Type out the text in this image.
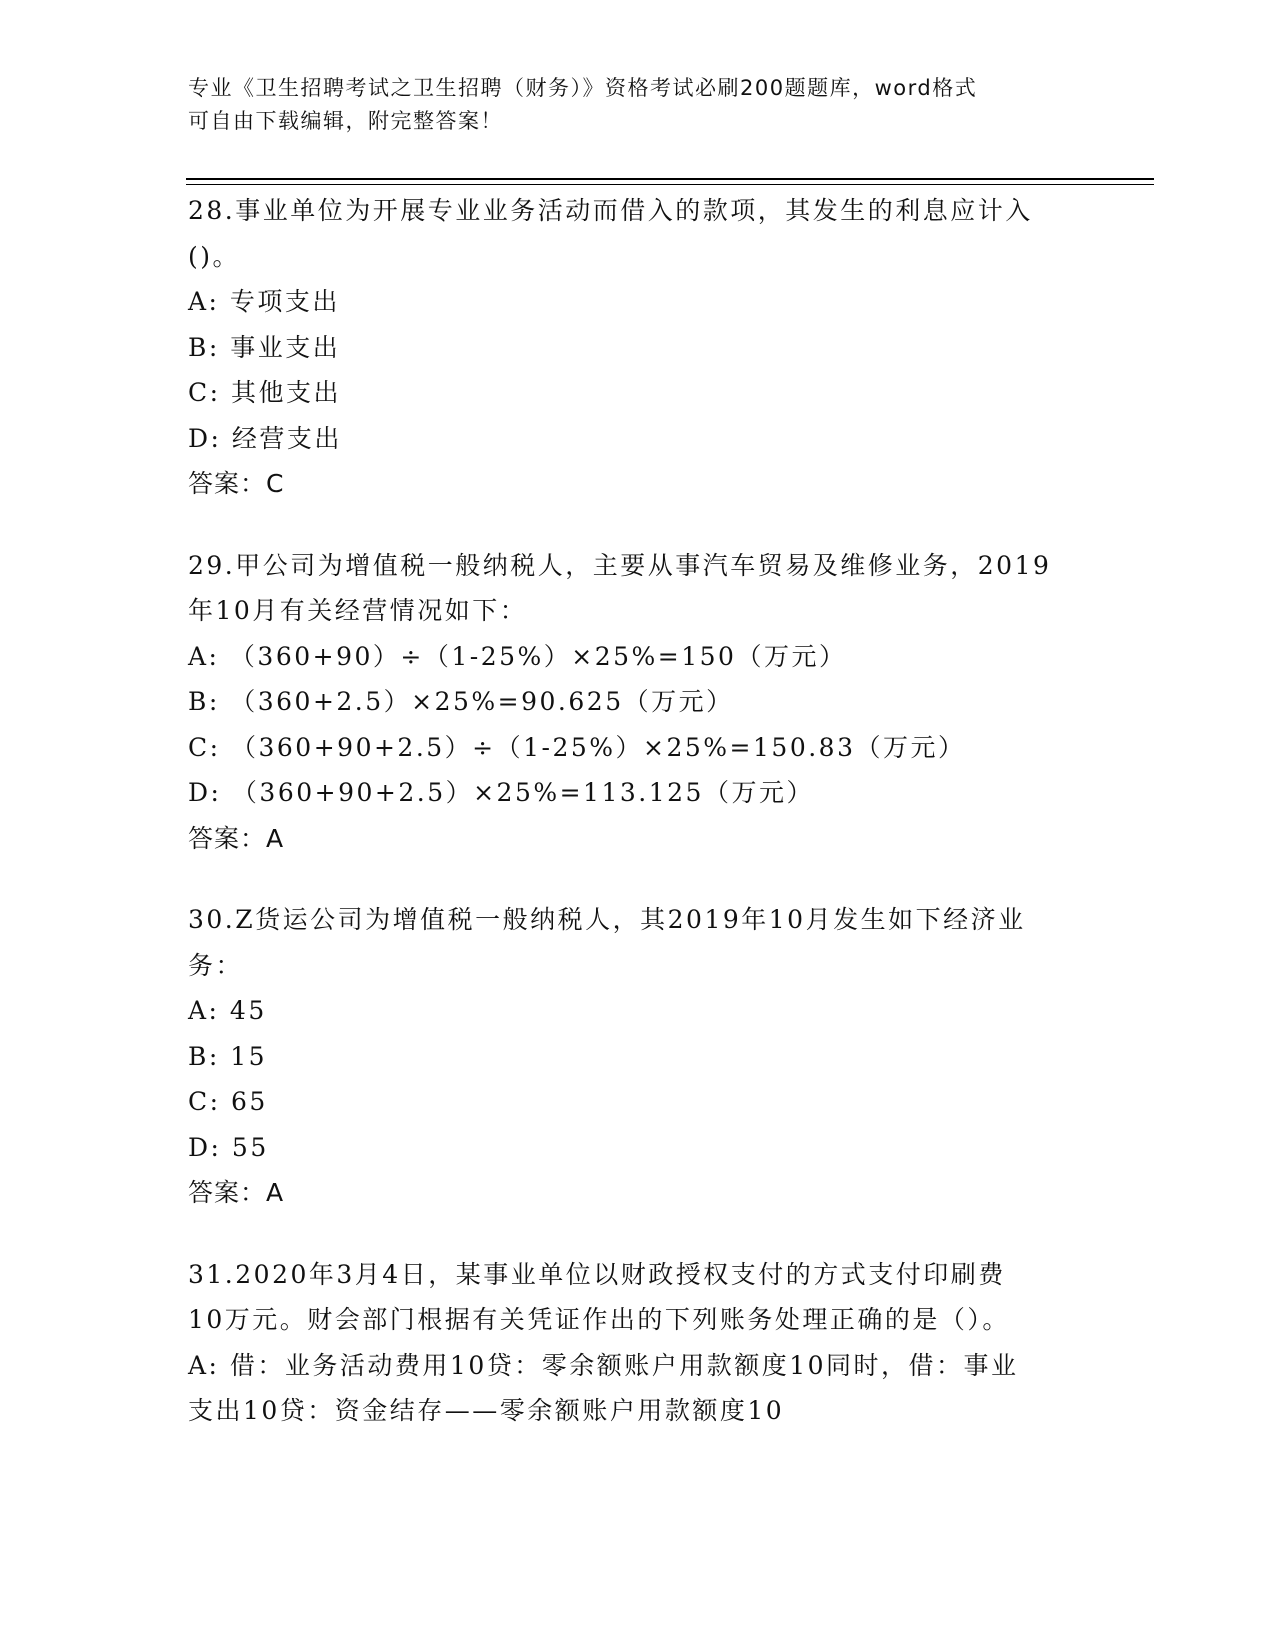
专业《卫生招聘考试之卫生招聘（财务）》资格考试必刷200题题库，word格式
可自由下载编辑，附完整答案！
28.事业单位为开展专业业务活动而借入的款项，其发生的利息应计入
()。
A: 专项支出
B: 事业支出
C: 其他支出
D: 经营支出
答案：C
29.甲公司为增值税一般纳税人，主要从事汽车贸易及维修业务，2019
年10月有关经营情况如下：
A: （360+90）÷（1-25%）×25%=150（万元）
B: （360+2.5）×25%=90.625（万元）
C: （360+90+2.5）÷（1-25%）×25%=150.83（万元）
D: （360+90+2.5）×25%=113.125（万元）
答案：A
30.Z货运公司为增值税一般纳税人，其2019年10月发生如下经济业
务：
A: 45
B: 15
C: 65
D: 55
答案：A
31.2020年3月4日，某事业单位以财政授权支付的方式支付印刷费
10万元。财会部门根据有关凭证作出的下列账务处理正确的是（）。
A: 借：业务活动费用10贷：零余额账户用款额度10同时，借：事业
支出10贷：资金结存——零余额账户用款额度10
